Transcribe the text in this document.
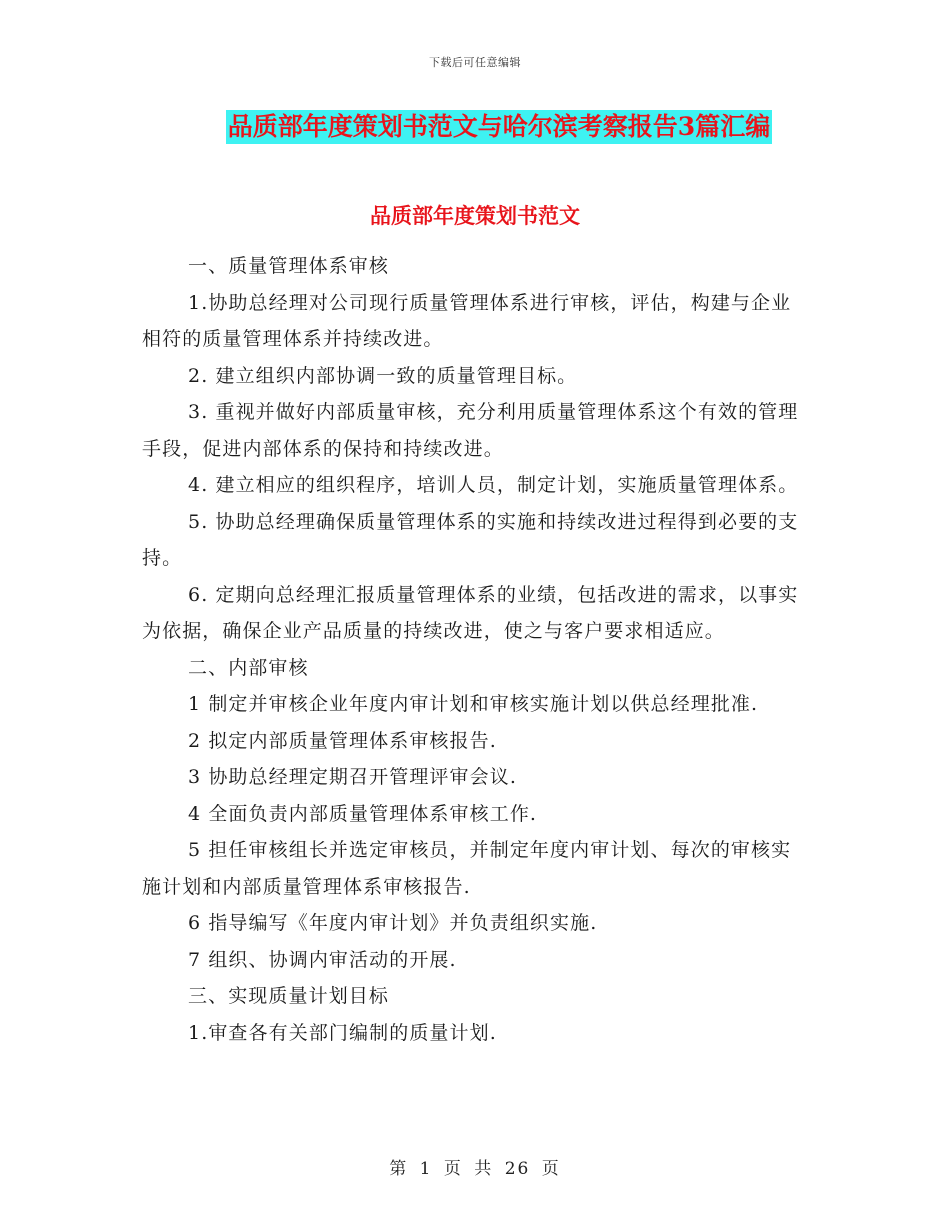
下载后可任意编辑
品质部年度策划书范文与哈尔滨考察报告3篇汇编
品质部年度策划书范文

一、质量管理体系审核

1.协助总经理对公司现行质量管理体系进行审核，评估，构建与企业相符的质量管理体系并持续改进。

2. 建立组织内部协调一致的质量管理目标。

3. 重视并做好内部质量审核，充分利用质量管理体系这个有效的管理手段，促进内部体系的保持和持续改进。

4. 建立相应的组织程序，培训人员，制定计划，实施质量管理体系。

5. 协助总经理确保质量管理体系的实施和持续改进过程得到必要的支持。

6. 定期向总经理汇报质量管理体系的业绩，包括改进的需求，以事实为依据，确保企业产品质量的持续改进，使之与客户要求相适应。

二、内部审核

1 制定并审核企业年度内审计划和审核实施计划以供总经理批准.

2 拟定内部质量管理体系审核报告.

3 协助总经理定期召开管理评审会议.

4 全面负责内部质量管理体系审核工作.

5 担任审核组长并选定审核员，并制定年度内审计划、每次的审核实施计划和内部质量管理体系审核报告.

6 指导编写《年度内审计划》并负责组织实施.

7 组织、协调内审活动的开展.

三、实现质量计划目标

1.审查各有关部门编制的质量计划.

第 1 页 共 26 页
